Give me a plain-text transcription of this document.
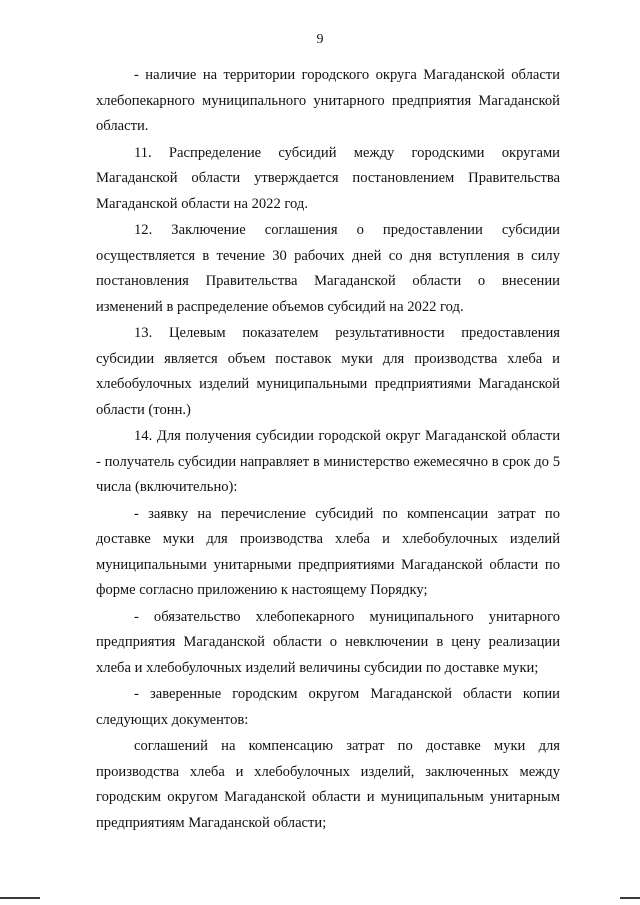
9

- наличие на территории городского округа Магаданской области хлебопекарного муниципального унитарного предприятия Магаданской области.

11. Распределение субсидий между городскими округами Магаданской области утверждается постановлением Правительства Магаданской области на 2022 год.

12. Заключение соглашения о предоставлении субсидии осуществляется в течение 30 рабочих дней со дня вступления в силу постановления Правительства Магаданской области о внесении изменений в распределение объемов субсидий на 2022 год.

13. Целевым показателем результативности предоставления субсидии является объем поставок муки для производства хлеба и хлебобулочных изделий муниципальными предприятиями Магаданской области (тонн.)

14. Для получения субсидии городской округ Магаданской области - получатель субсидии направляет в министерство ежемесячно в срок до 5 числа (включительно):

- заявку на перечисление субсидий по компенсации затрат по доставке муки для производства хлеба и хлебобулочных изделий муниципальными унитарными предприятиями Магаданской области по форме согласно приложению к настоящему Порядку;

- обязательство хлебопекарного муниципального унитарного предприятия Магаданской области о невключении в цену реализации хлеба и хлебобулочных изделий величины субсидии по доставке муки;

- заверенные городским округом Магаданской области копии следующих документов:

соглашений на компенсацию затрат по доставке муки для производства хлеба и хлебобулочных изделий, заключенных между городским округом Магаданской области и муниципальным унитарным предприятиям Магаданской области;
